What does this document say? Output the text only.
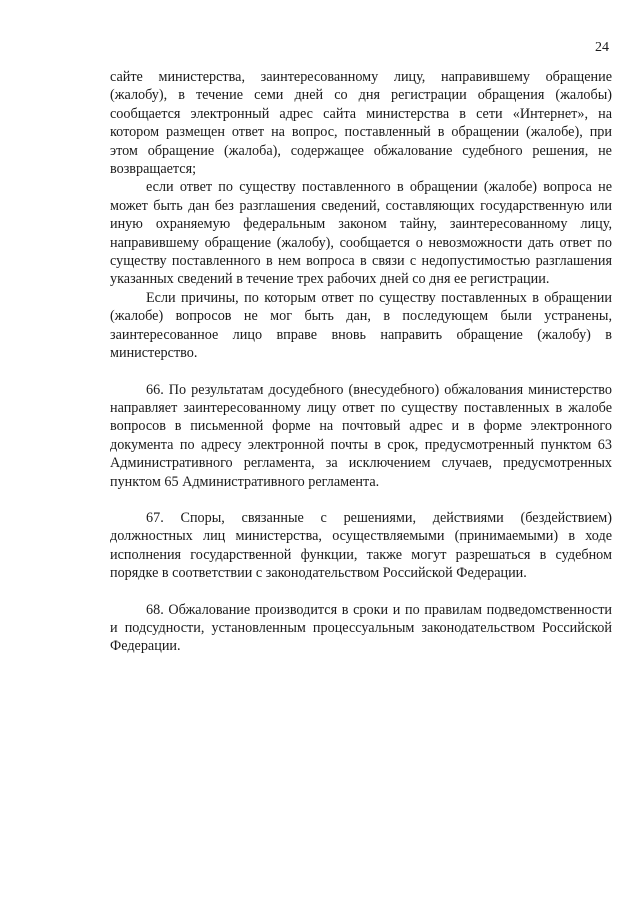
24

сайте министерства, заинтересованному лицу, направившему обращение (жалобу), в течение семи дней со дня регистрации обращения (жалобы) сообщается электронный адрес сайта министерства в сети «Интернет», на котором размещен ответ на вопрос, поставленный в обращении (жалобе), при этом обращение (жалоба), содержащее обжалование судебного решения, не возвращается;

если ответ по существу поставленного в обращении (жалобе) вопроса не может быть дан без разглашения сведений, составляющих государственную или иную охраняемую федеральным законом тайну, заинтересованному лицу, направившему обращение (жалобу), сообщается о невозможности дать ответ по существу поставленного в нем вопроса в связи с недопустимостью разглашения указанных сведений в течение трех рабочих дней со дня ее регистрации.

Если причины, по которым ответ по существу поставленных в обращении (жалобе) вопросов не мог быть дан, в последующем были устранены, заинтересованное лицо вправе вновь направить обращение (жалобу) в министерство.

66. По результатам досудебного (внесудебного) обжалования министерство направляет заинтересованному лицу ответ по существу поставленных в жалобе вопросов в письменной форме на почтовый адрес и в форме электронного документа по адресу электронной почты в срок, предусмотренный пунктом 63 Административного регламента, за исключением случаев, предусмотренных пунктом 65 Административного регламента.

67. Споры, связанные с решениями, действиями (бездействием) должностных лиц министерства, осуществляемыми (принимаемыми) в ходе исполнения государственной функции, также могут разрешаться в судебном порядке в соответствии с законодательством Российской Федерации.

68. Обжалование производится в сроки и по правилам подведомственности и подсудности, установленным процессуальным законодательством Российской Федерации.
